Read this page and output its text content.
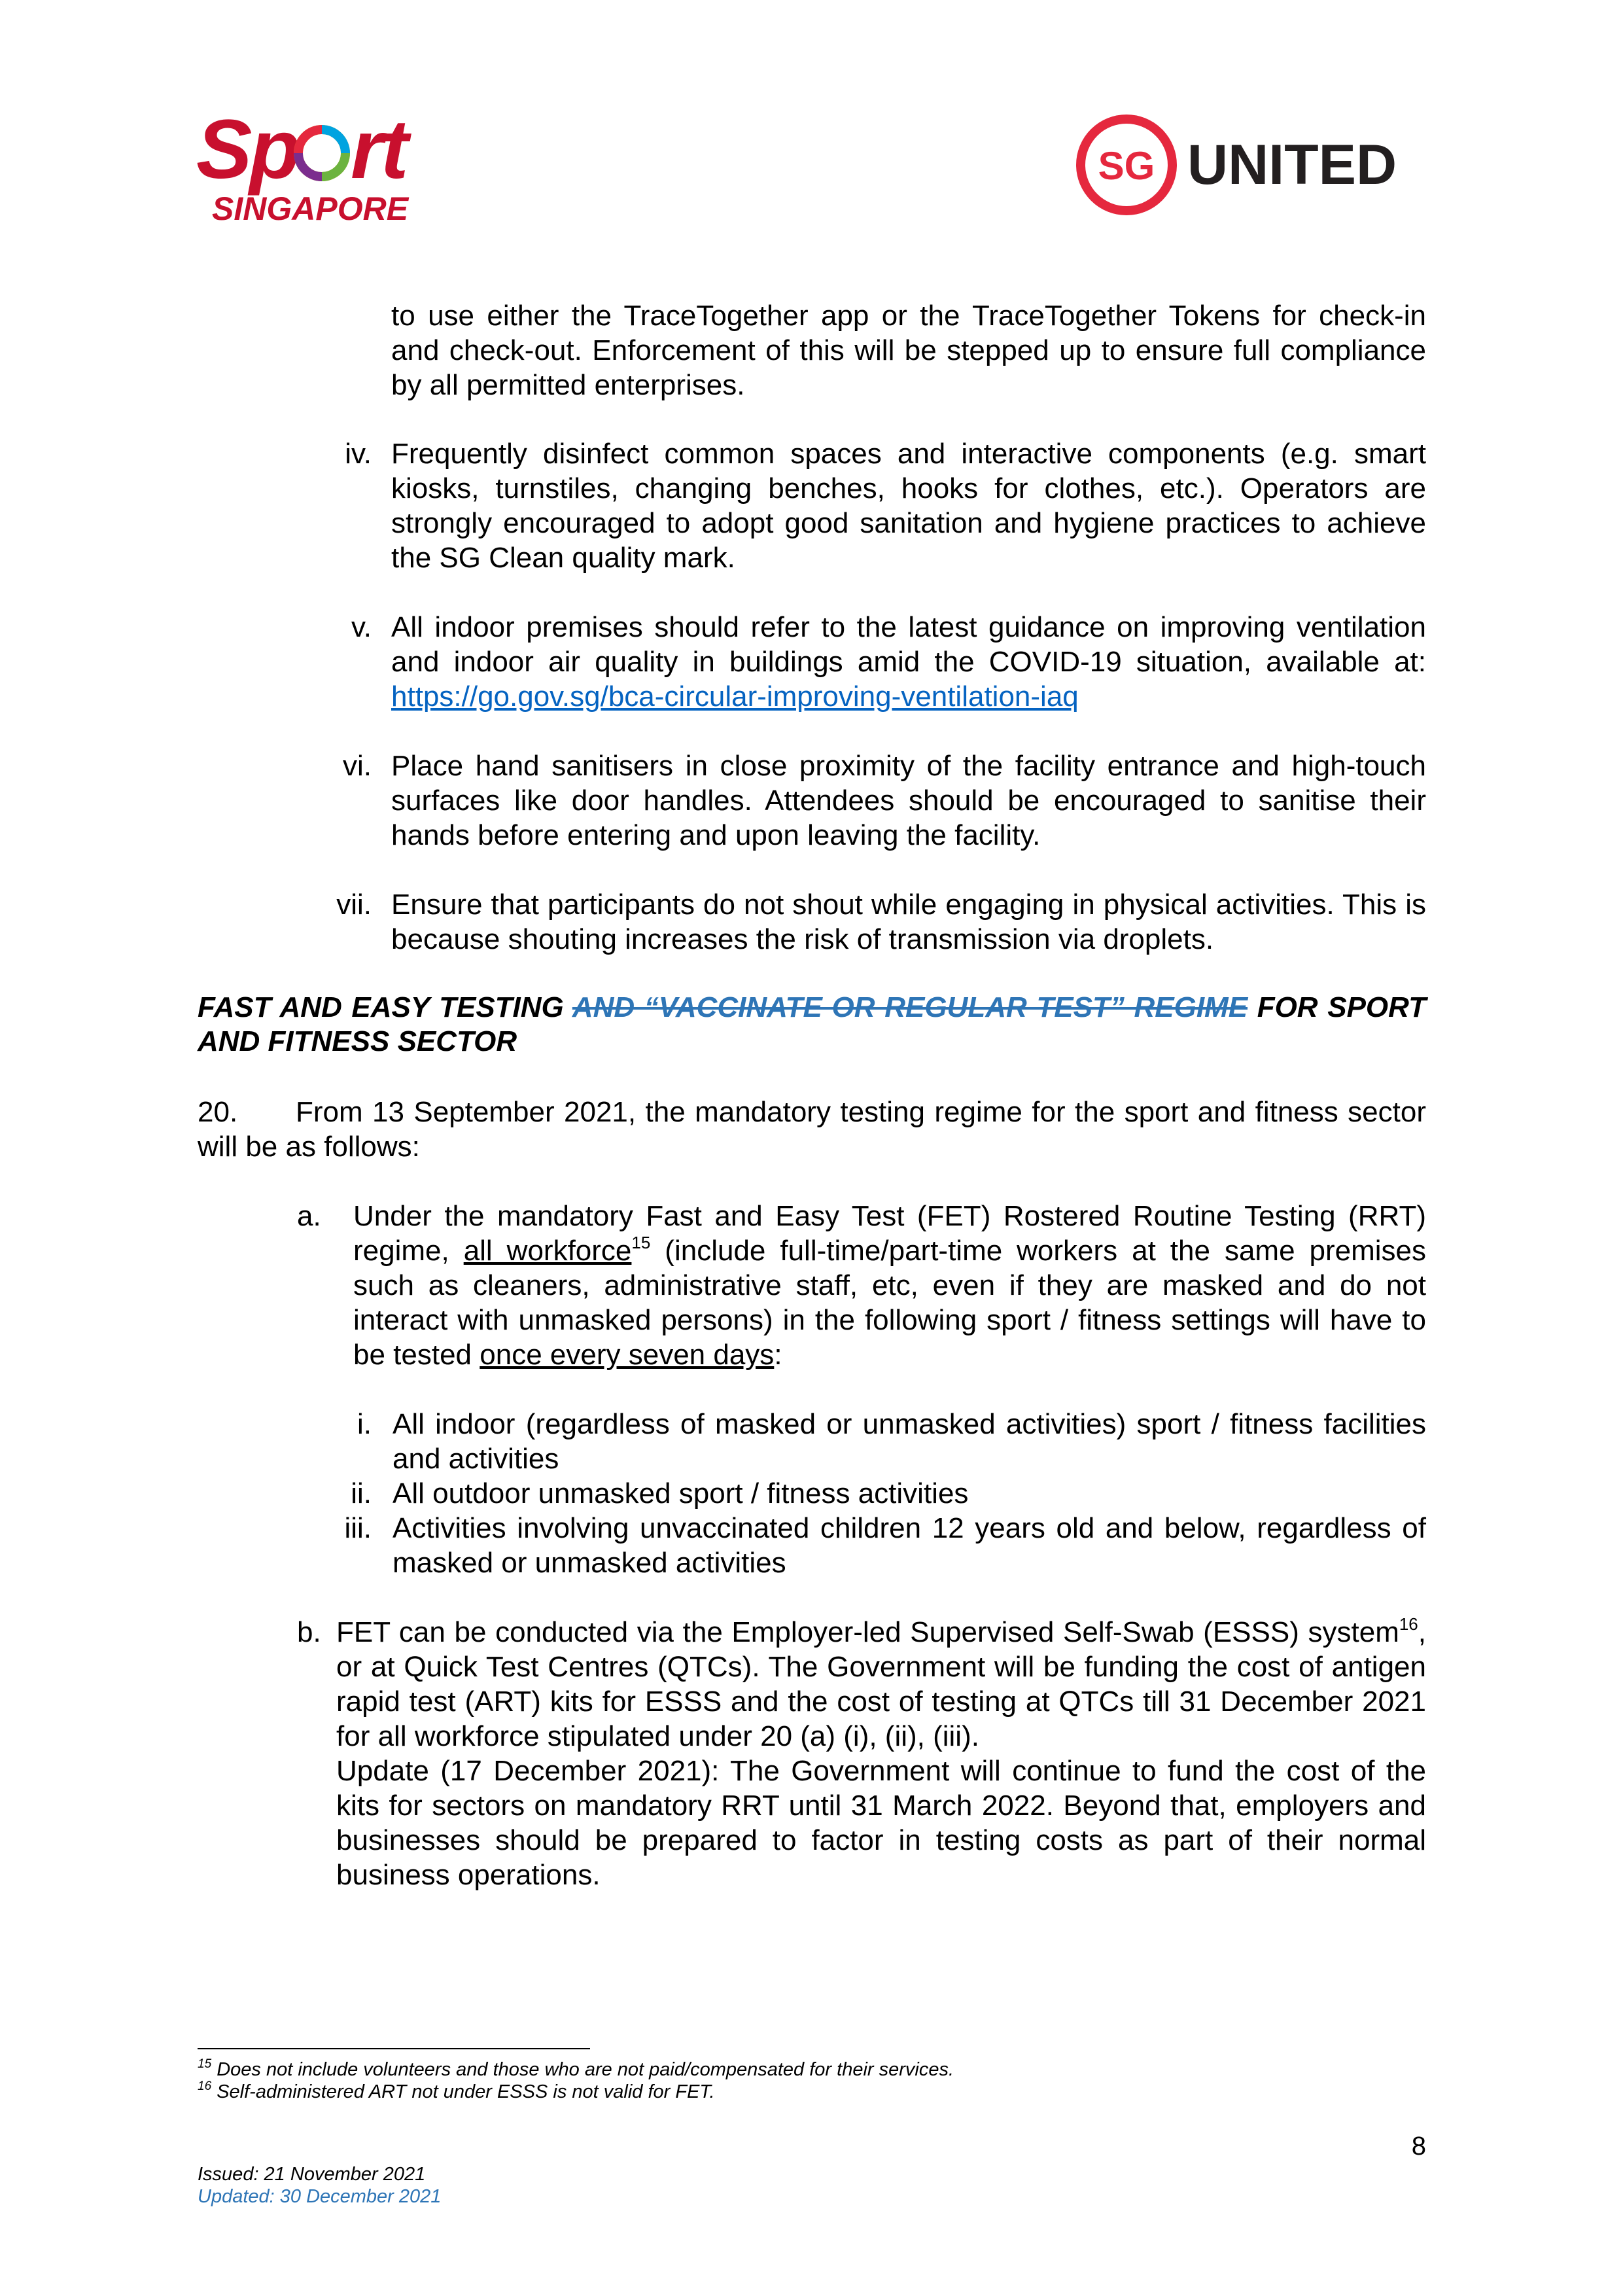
Sp rt
SINGAPORE
SG UNITED
to use either the TraceTogether app or the TraceTogether Tokens for check-in and check-out. Enforcement of this will be stepped up to ensure full compliance by all permitted enterprises.
iv. Frequently disinfect common spaces and interactive components (e.g. smart kiosks, turnstiles, changing benches, hooks for clothes, etc.). Operators are strongly encouraged to adopt good sanitation and hygiene practices to achieve the SG Clean quality mark.
v. All indoor premises should refer to the latest guidance on improving ventilation and indoor air quality in buildings amid the COVID-19 situation, available at: https://go.gov.sg/bca-circular-improving-ventilation-iaq
vi. Place hand sanitisers in close proximity of the facility entrance and high-touch surfaces like door handles. Attendees should be encouraged to sanitise their hands before entering and upon leaving the facility.
vii. Ensure that participants do not shout while engaging in physical activities. This is because shouting increases the risk of transmission via droplets.
FAST AND EASY TESTING AND “VACCINATE OR REGULAR TEST” REGIME FOR SPORT AND FITNESS SECTOR
20. From 13 September 2021, the mandatory testing regime for the sport and fitness sector will be as follows:
a. Under the mandatory Fast and Easy Test (FET) Rostered Routine Testing (RRT) regime, all workforce$^{15}$ (include full-time/part-time workers at the same premises such as cleaners, administrative staff, etc, even if they are masked and do not interact with unmasked persons) in the following sport / fitness settings will have to be tested once every seven days:
i. All indoor (regardless of masked or unmasked activities) sport / fitness facilities and activities
ii. All outdoor unmasked sport / fitness activities
iii. Activities involving unvaccinated children 12 years old and below, regardless of masked or unmasked activities
b. FET can be conducted via the Employer-led Supervised Self-Swab (ESSS) system$^{16}$, or at Quick Test Centres (QTCs). The Government will be funding the cost of antigen rapid test (ART) kits for ESSS and the cost of testing at QTCs till 31 December 2021 for all workforce stipulated under 20 (a) (i), (ii), (iii).
Update (17 December 2021): The Government will continue to fund the cost of the kits for sectors on mandatory RRT until 31 March 2022. Beyond that, employers and businesses should be prepared to factor in testing costs as part of their normal business operations.
$^{15}$ Does not include volunteers and those who are not paid/compensated for their services.
$^{16}$ Self-administered ART not under ESSS is not valid for FET.
8
Issued: 21 November 2021
Updated: 30 December 2021
